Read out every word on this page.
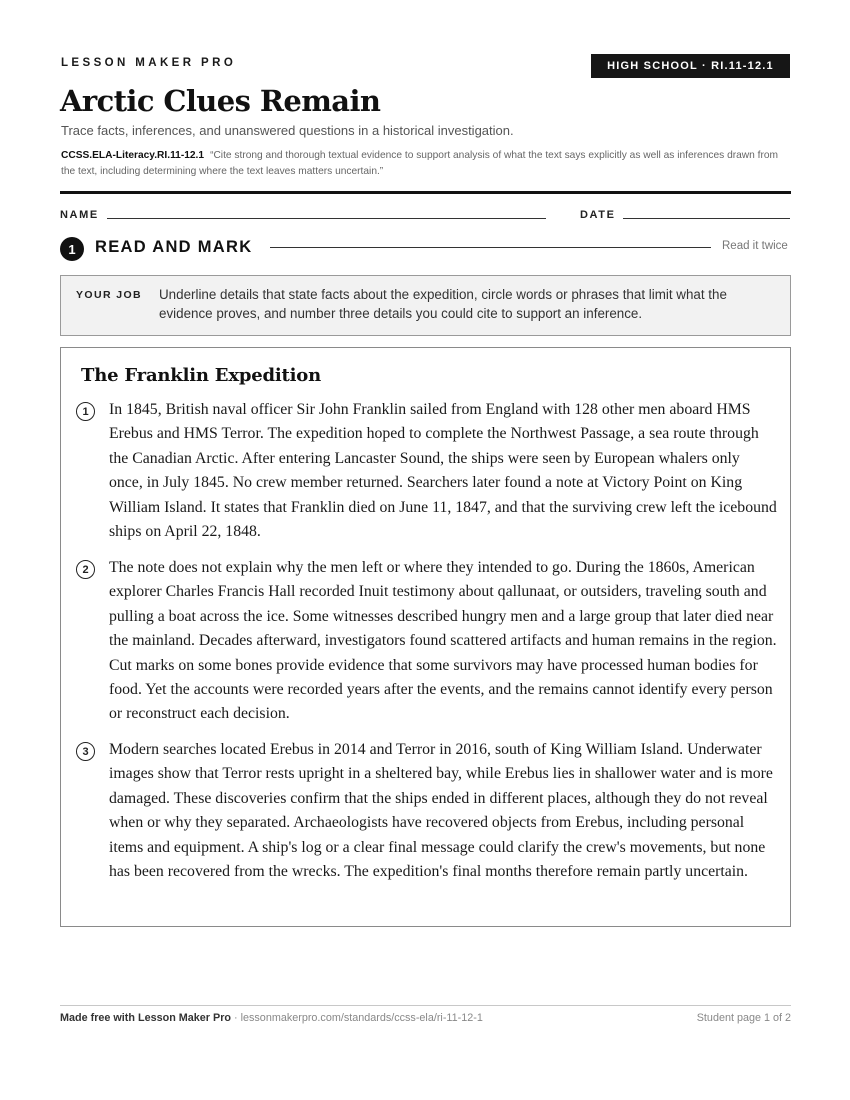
LESSON MAKER PRO	HIGH SCHOOL · RI.11-12.1
Arctic Clues Remain
Trace facts, inferences, and unanswered questions in a historical investigation.
CCSS.ELA-Literacy.RI.11-12.1 “Cite strong and thorough textual evidence to support analysis of what the text says explicitly as well as inferences drawn from the text, including determining where the text leaves matters uncertain.”
NAME	DATE
1	READ AND MARK	Read it twice
YOUR JOB Underline details that state facts about the expedition, circle words or phrases that limit what the evidence proves, and number three details you could cite to support an inference.
The Franklin Expedition
1	In 1845, British naval officer Sir John Franklin sailed from England with 128 other men aboard HMS Erebus and HMS Terror. The expedition hoped to complete the Northwest Passage, a sea route through the Canadian Arctic. After entering Lancaster Sound, the ships were seen by European whalers only once, in July 1845. No crew member returned. Searchers later found a note at Victory Point on King William Island. It states that Franklin died on June 11, 1847, and that the surviving crew left the icebound ships on April 22, 1848.
2	The note does not explain why the men left or where they intended to go. During the 1860s, American explorer Charles Francis Hall recorded Inuit testimony about qallunaat, or outsiders, traveling south and pulling a boat across the ice. Some witnesses described hungry men and a large group that later died near the mainland. Decades afterward, investigators found scattered artifacts and human remains in the region. Cut marks on some bones provide evidence that some survivors may have processed human bodies for food. Yet the accounts were recorded years after the events, and the remains cannot identify every person or reconstruct each decision.
3	Modern searches located Erebus in 2014 and Terror in 2016, south of King William Island. Underwater images show that Terror rests upright in a sheltered bay, while Erebus lies in shallower water and is more damaged. These discoveries confirm that the ships ended in different places, although they do not reveal when or why they separated. Archaeologists have recovered objects from Erebus, including personal items and equipment. A ship's log or a clear final message could clarify the crew's movements, but none has been recovered from the wrecks. The expedition's final months therefore remain partly uncertain.
Made free with Lesson Maker Pro · lessonmakerpro.com/standards/ccss-ela/ri-11-12-1	Student page 1 of 2
